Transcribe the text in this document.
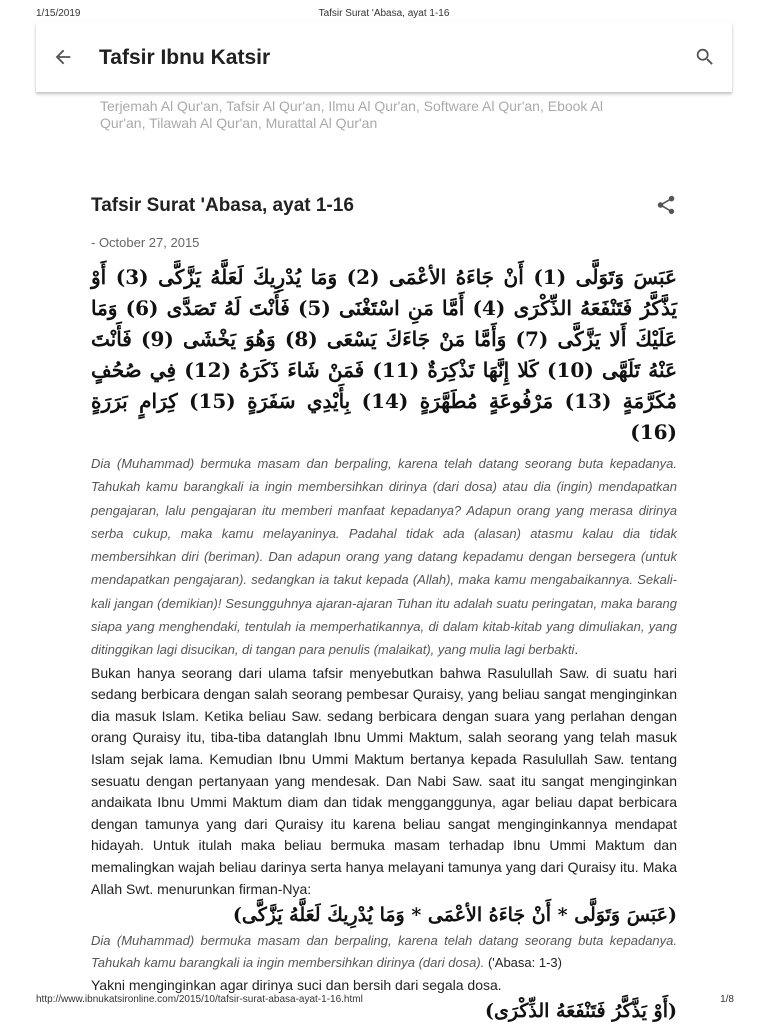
1/15/2019	Tafsir Surat 'Abasa, ayat 1-16
Tafsir Ibnu Katsir
Terjemah Al Qur'an, Tafsir Al Qur'an, Ilmu Al Qur'an, Software Al Qur'an, Ebook Al Qur'an, Tilawah Al Qur'an, Murattal Al Qur'an
Tafsir Surat 'Abasa, ayat 1-16
- October 27, 2015

عَبَسَ وَتَوَلَّى (1) أَنْ جَاءَهُ الأعْمَى (2) وَمَا يُدْرِيكَ لَعَلَّهُ يَزَّكَّى (3) أَوْ يَذَّكَّرُ فَتَنْفَعَهُ الذِّكْرَى (4) أَمَّا مَنِ اسْتَغْنَى (5) فَأَنْتَ لَهُ تَصَدَّى (6) وَمَا عَلَيْكَ أَلا يَزَّكَّى (7) وَأَمَّا مَنْ جَاءَكَ يَسْعَى (8) وَهُوَ يَخْشَى (9) فَأَنْتَ عَنْهُ تَلَهَّى (10) كَلا إِنَّهَا تَذْكِرَةٌ (11) فَمَنْ شَاءَ ذَكَرَهُ (12) فِي صُحُفٍ مُكَرَّمَةٍ (13) مَرْفُوعَةٍ مُطَهَّرَةٍ (14) بِأَيْدِي سَفَرَةٍ (15) كِرَامٍ بَرَرَةٍ (16)

Dia (Muhammad) bermuka masam dan berpaling, karena telah datang seorang buta kepadanya. Tahukah kamu barangkali ia ingin membersihkan dirinya (dari dosa) atau dia (ingin) mendapatkan pengajaran, lalu pengajaran itu memberi manfaat kepadanya? Adapun orang yang merasa dirinya serba cukup, maka kamu melayaninya. Padahal tidak ada (alasan) atasmu kalau dia tidak membersihkan diri (beriman). Dan adapun orang yang datang kepadamu dengan bersegera (untuk mendapatkan pengajaran). sedangkan ia takut kepada (Allah), maka kamu mengabaikannya. Sekali-kali jangan (demikian)! Sesungguhnya ajaran-ajaran Tuhan itu adalah suatu peringatan, maka barang siapa yang menghendaki, tentulah ia memperhatikannya, di dalam kitab-kitab yang dimuliakan, yang ditinggikan lagi disucikan, di tangan para penulis (malaikat), yang mulia lagi berbakti.

Bukan hanya seorang dari ulama tafsir menyebutkan bahwa Rasulullah Saw. di suatu hari sedang berbicara dengan salah seorang pembesar Quraisy, yang beliau sangat menginginkan dia masuk Islam. Ketika beliau Saw. sedang berbicara dengan suara yang perlahan dengan orang Quraisy itu, tiba-tiba datanglah Ibnu Ummi Maktum, salah seorang yang telah masuk Islam sejak lama. Kemudian Ibnu Ummi Maktum bertanya kepada Rasulullah Saw. tentang sesuatu dengan pertanyaan yang mendesak. Dan Nabi Saw. saat itu sangat menginginkan andaikata Ibnu Ummi Maktum diam dan tidak mengganggunya, agar beliau dapat berbicara dengan tamunya yang dari Quraisy itu karena beliau sangat menginginkannya mendapat hidayah. Untuk itulah maka beliau bermuka masam terhadap Ibnu Ummi Maktum dan memalingkan wajah beliau darinya serta hanya melayani tamunya yang dari Quraisy itu. Maka Allah Swt. menurunkan firman-Nya:

(عَبَسَ وَتَوَلَّى * أَنْ جَاءَهُ الأعْمَى * وَمَا يُدْرِيكَ لَعَلَّهُ يَزَّكَّى)

Dia (Muhammad) bermuka masam dan berpaling, karena telah datang seorang buta kepadanya. Tahukah kamu barangkali ia ingin membersihkan dirinya (dari dosa). ('Abasa: 1-3)

Yakni menginginkan agar dirinya suci dan bersih dari segala dosa.

(أَوْ يَذَّكَّرُ فَتَنْفَعَهُ الذِّكْرَى)

http://www.ibnukatsironline.com/2015/10/tafsir-surat-abasa-ayat-1-16.html	1/8
